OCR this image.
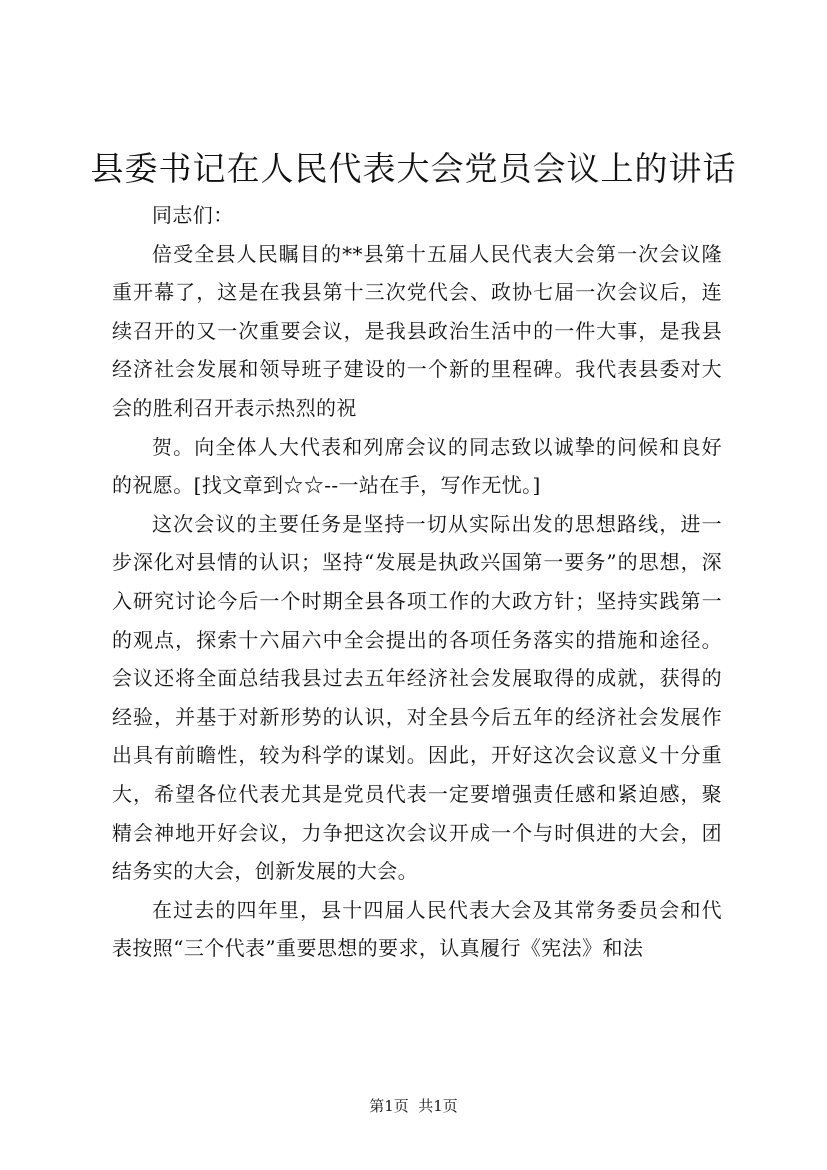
县委书记在人民代表大会党员会议上的讲话

同志们：

倍受全县人民瞩目的**县第十五届人民代表大会第一次会议隆重开幕了，这是在我县第十三次党代会、政协七届一次会议后，连续召开的又一次重要会议，是我县政治生活中的一件大事，是我县经济社会发展和领导班子建设的一个新的里程碑。我代表县委对大会的胜利召开表示热烈的祝

贺。向全体人大代表和列席会议的同志致以诚挚的问候和良好的祝愿。[找文章到☆☆--一站在手，写作无忧。]

这次会议的主要任务是坚持一切从实际出发的思想路线，进一步深化对县情的认识；坚持“发展是执政兴国第一要务”的思想，深入研究讨论今后一个时期全县各项工作的大政方针；坚持实践第一的观点，探索十六届六中全会提出的各项任务落实的措施和途径。会议还将全面总结我县过去五年经济社会发展取得的成就，获得的经验，并基于对新形势的认识，对全县今后五年的经济社会发展作出具有前瞻性，较为科学的谋划。因此，开好这次会议意义十分重大，希望各位代表尤其是党员代表一定要增强责任感和紧迫感，聚精会神地开好会议，力争把这次会议开成一个与时俱进的大会，团结务实的大会，创新发展的大会。

在过去的四年里，县十四届人民代表大会及其常务委员会和代表按照“三个代表”重要思想的要求，认真履行《宪法》和法

第1页  共1页
